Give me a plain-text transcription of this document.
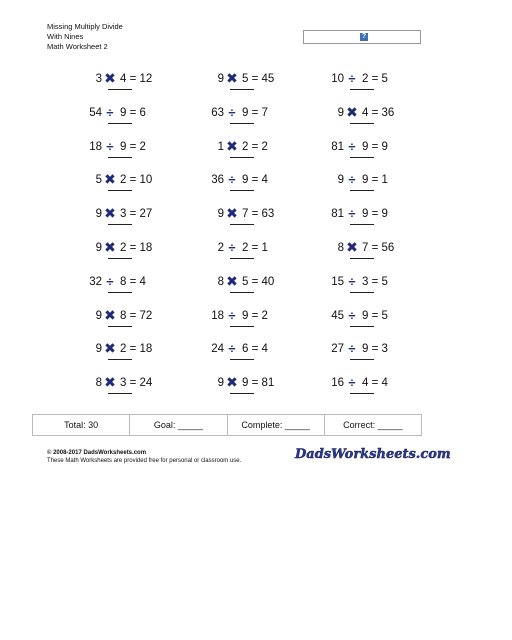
Missing Multiply Divide
With Nines
Math Worksheet 2
?
3 ✖ 4 = 12
54 ÷ 9 = 6
18 ÷ 9 = 2
5 ✖ 2 = 10
9 ✖ 3 = 27
9 ✖ 2 = 18
32 ÷ 8 = 4
9 ✖ 8 = 72
9 ✖ 2 = 18
8 ✖ 3 = 24
9 ✖ 5 = 45
63 ÷ 9 = 7
1 ✖ 2 = 2
36 ÷ 9 = 4
9 ✖ 7 = 63
2 ÷ 2 = 1
8 ✖ 5 = 40
18 ÷ 9 = 2
24 ÷ 6 = 4
9 ✖ 9 = 81
10 ÷ 2 = 5
9 ✖ 4 = 36
81 ÷ 9 = 9
9 ÷ 9 = 1
81 ÷ 9 = 9
8 ✖ 7 = 56
15 ÷ 3 = 5
45 ÷ 9 = 5
27 ÷ 9 = 3
16 ÷ 4 = 4
Total: 30	Goal: _____	Complete: _____	Correct: _____
© 2008-2017 DadsWorksheets.com
These Math Worksheets are provided free for personal or classroom use.	DadsWorksheets.com
